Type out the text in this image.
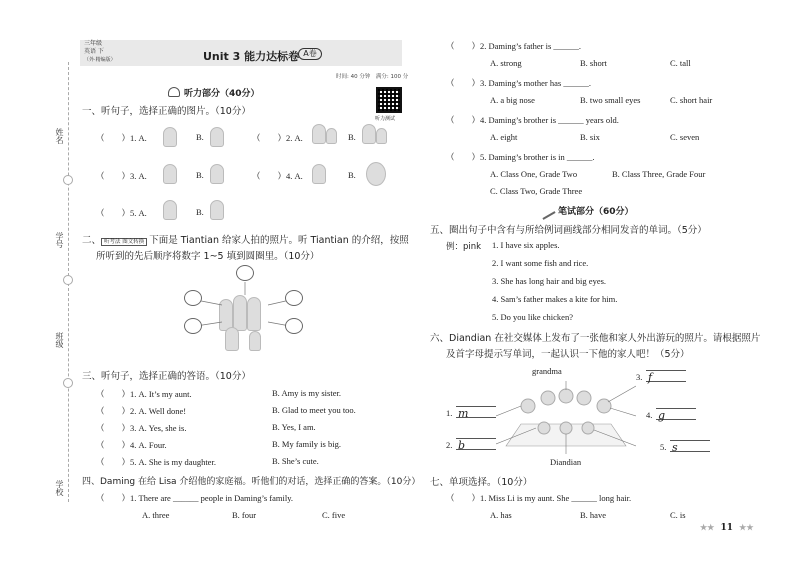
姓名
学号
班级
学校
三年级
英语 下
（外·精编版）	Unit 3 能力达标卷 A卷
时间: 40 分钟　满分: 100 分
听力测试
听力部分（40分）
一、听句子，选择正确的图片。（10分）
（　　）1. A.	B.	（　　）2. A.	B.
（　　）3. A.	B.	（　　）4. A.	B.
（　　）5. A.	B.
二、 听考法 图文转换 下面是 Tiantian 给家人拍的照片。听 Tiantian 的介绍，按照
所听到的先后顺序将数字 1~5 填到圆圈里。（10分）
三、听句子，选择正确的答语。（10分）
（　　）1. A. It’s my aunt.	B. Amy is my sister.
（　　）2. A. Well done!	B. Glad to meet you too.
（　　）3. A. Yes, she is.	B. Yes, I am.
（　　）4. A. Four.	B. My family is big.
（　　）5. A. She is my daughter.	B. She’s cute.
四、Daming 在给 Lisa 介绍他的家庭福。听他们的对话，选择正确的答案。（10分）
（　　）1. There are ______ people in Daming’s family.
A. three	B. four	C. five
（　　）2. Daming’s father is ______.
A. strong	B. short	C. tall
（　　）3. Daming’s mother has ______.
A. a big nose	B. two small eyes	C. short hair
（　　）4. Daming’s brother is ______ years old.
A. eight	B. six	C. seven
（　　）5. Daming’s brother is in ______.
A. Class One, Grade Two	B. Class Three, Grade Four
C. Class Two, Grade Three
笔试部分（60分）
五、圈出句子中含有与所给例词画线部分相同发音的单词。（5分）
例：pink 1. I have six apples.
2. I want some fish and rice.
3. She has long hair and big eyes.
4. Sam’s father makes a kite for him.
5. Do you like chicken?
六、Diandian 在社交媒体上发布了一张他和家人外出游玩的照片。请根据照片
及首字母提示写单词，一起认识一下他的家人吧！（5分）
grandma
Diandian
1. m
2. b
3. f
4. g
5. s
七、单项选择。（10分）
（　　）1. Miss Li is my aunt. She ______ long hair.
A. has	B. have	C. is
★★ 11 ★★
